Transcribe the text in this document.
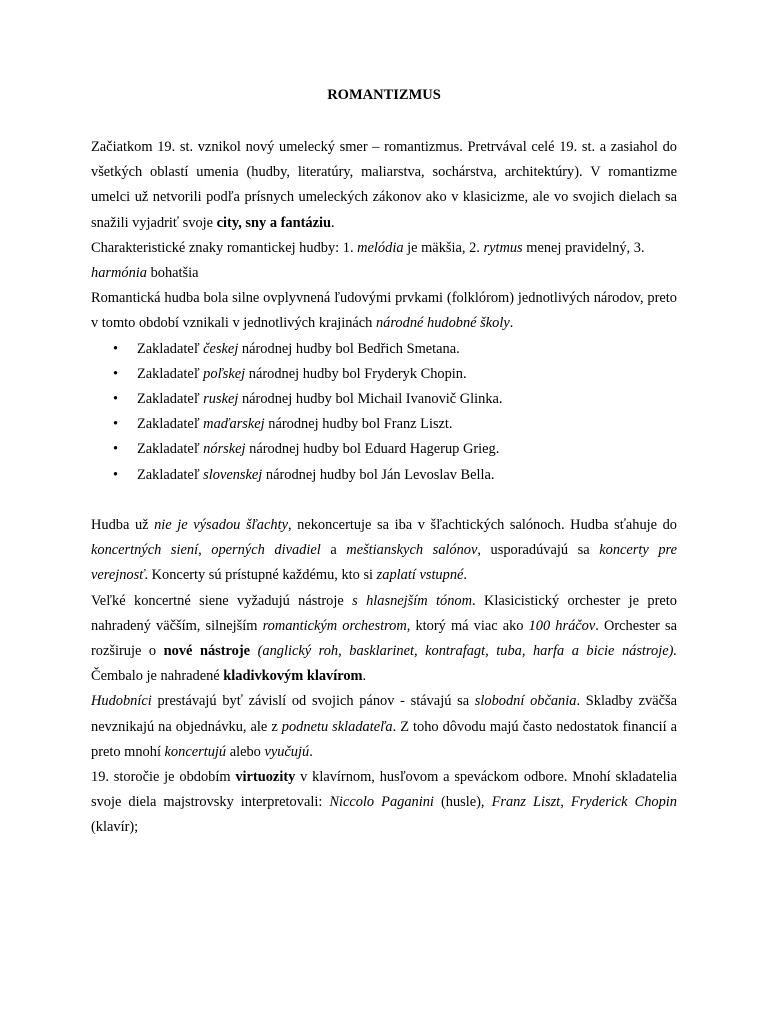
ROMANTIZMUS

Začiatkom 19. st. vznikol nový umelecký smer – romantizmus. Pretrvával celé 19. st. a zasiahol do všetkých oblastí umenia (hudby, literatúry, maliarstva, sochárstva, architektúry). V romantizme umelci už netvorili podľa prísnych umeleckých zákonov ako v klasicizme, ale vo svojich dielach sa snažili vyjadriť svoje city, sny a fantáziu.

Charakteristické znaky romantickej hudby: 1. melódia je mäkšia, 2. rytmus menej pravidelný, 3. harmónia bohatšia

Romantická hudba bola silne ovplyvnená ľudovými prvkami (folklórom) jednotlivých národov, preto v tomto období vznikali v jednotlivých krajinách národné hudobné školy.

• Zakladateľ českej národnej hudby bol Bedřich Smetana.
• Zakladateľ poľskej národnej hudby bol Fryderyk Chopin.
• Zakladateľ ruskej národnej hudby bol Michail Ivanovič Glinka.
• Zakladateľ maďarskej národnej hudby bol Franz Liszt.
• Zakladateľ nórskej národnej hudby bol Eduard Hagerup Grieg.
• Zakladateľ slovenskej národnej hudby bol Ján Levoslav Bella.

Hudba už nie je výsadou šľachty, nekoncertuje sa iba v šľachtických salónoch. Hudba sťahuje do koncertných siení, operných divadiel a meštianskych salónov, usporadúvajú sa koncerty pre verejnosť. Koncerty sú prístupné každému, kto si zaplatí vstupné.

Veľké koncertné siene vyžadujú nástroje s hlasnejším tónom. Klasicistický orchester je preto nahradený väčším, silnejším romantickým orchestrom, ktorý má viac ako 100 hráčov. Orchester sa rozširuje o nové nástroje (anglický roh, basklarinet, kontrafagt, tuba, harfa a bicie nástroje). Čembalo je nahradené kladivkovým klavírom.

Hudobníci prestávajú byť závislí od svojich pánov - stávajú sa slobodní občania. Skladby zväčša nevznikajú na objednávku, ale z podnetu skladateľa. Z toho dôvodu majú často nedostatok financií a preto mnohí koncertujú alebo vyučujú.

19. storočie je obdobím virtuozity v klavírnom, husľovom a speváckom odbore. Mnohí skladatelia svoje diela majstrovsky interpretovali: Niccolo Paganini (husle), Franz Liszt, Fryderick Chopin (klavír);
